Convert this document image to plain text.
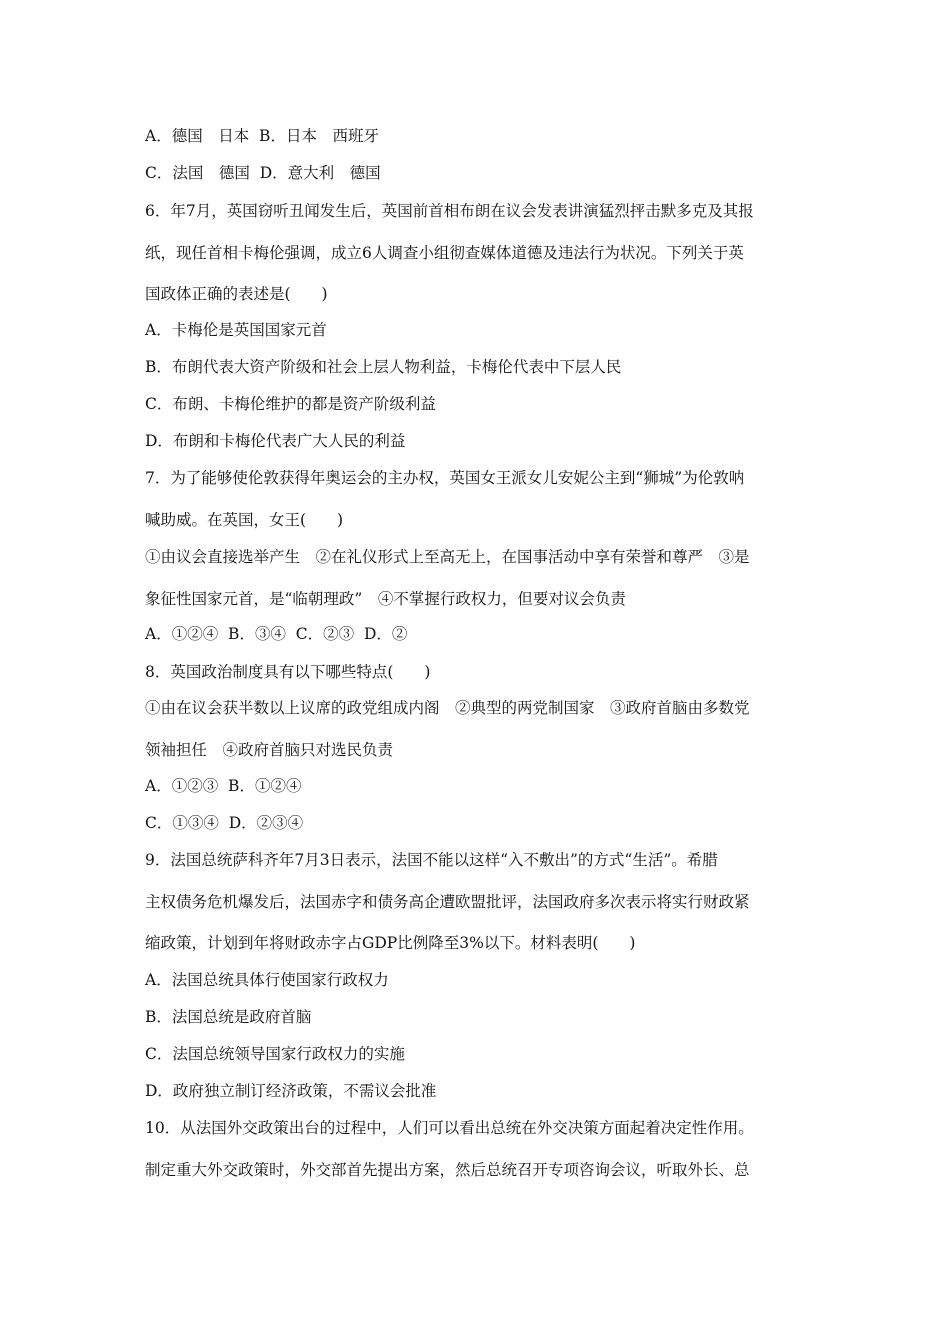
A．德国　日本  B．日本　西班牙
C．法国　德国  D．意大利　德国
6．年7月，英国窃听丑闻发生后，英国前首相布朗在议会发表讲演猛烈抨击默多克及其报
纸，现任首相卡梅伦强调，成立6人调查小组彻查媒体道德及违法行为状况。下列关于英
国政体正确的表述是(　　)
A．卡梅伦是英国国家元首
B．布朗代表大资产阶级和社会上层人物利益，卡梅伦代表中下层人民
C．布朗、卡梅伦维护的都是资产阶级利益
D．布朗和卡梅伦代表广大人民的利益
7．为了能够使伦敦获得年奥运会的主办权，英国女王派女儿安妮公主到“狮城”为伦敦呐
喊助威。在英国，女王(　　)
①由议会直接选举产生　②在礼仪形式上至高无上，在国事活动中享有荣誉和尊严　③是
象征性国家元首，是“临朝理政”　④不掌握行政权力，但要对议会负责
A．①②④  B．③④  C．②③  D．②
8．英国政治制度具有以下哪些特点(　　)
①由在议会获半数以上议席的政党组成内阁　②典型的两党制国家　③政府首脑由多数党
领袖担任　④政府首脑只对选民负责
A．①②③  B．①②④
C．①③④  D．②③④
9．法国总统萨科齐年7月3日表示，法国不能以这样“入不敷出”的方式“生活”。希腊
主权债务危机爆发后，法国赤字和债务高企遭欧盟批评，法国政府多次表示将实行财政紧
缩政策，计划到年将财政赤字占GDP比例降至3%以下。材料表明(　　)
A．法国总统具体行使国家行政权力
B．法国总统是政府首脑
C．法国总统领导国家行政权力的实施
D．政府独立制订经济政策，不需议会批准
10．从法国外交政策出台的过程中，人们可以看出总统在外交决策方面起着决定性作用。
制定重大外交政策时，外交部首先提出方案，然后总统召开专项咨询会议，听取外长、总
